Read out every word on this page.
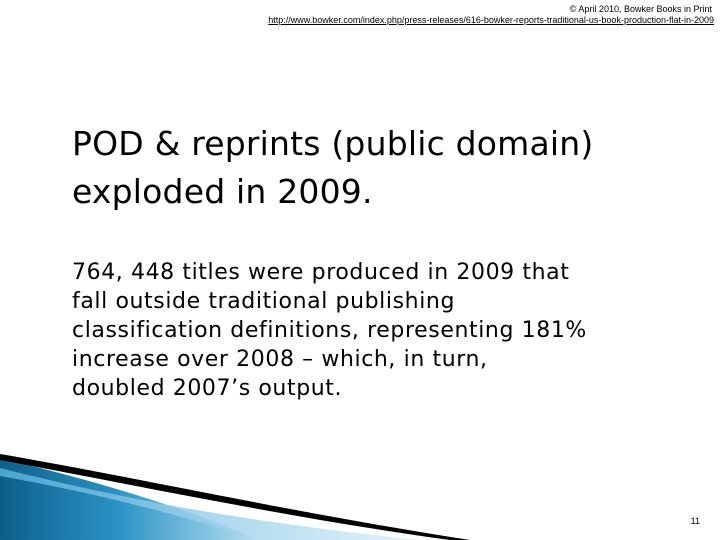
© April 2010, Bowker Books in Print
http://www.bowker.com/index.php/press-releases/616-bowker-reports-traditional-us-book-production-flat-in-2009
POD & reprints (public domain)
exploded in 2009.

764, 448 titles were produced in 2009 that
fall outside traditional publishing
classification definitions, representing 181%
increase over 2008 – which, in turn,
doubled 2007’s output.

11
